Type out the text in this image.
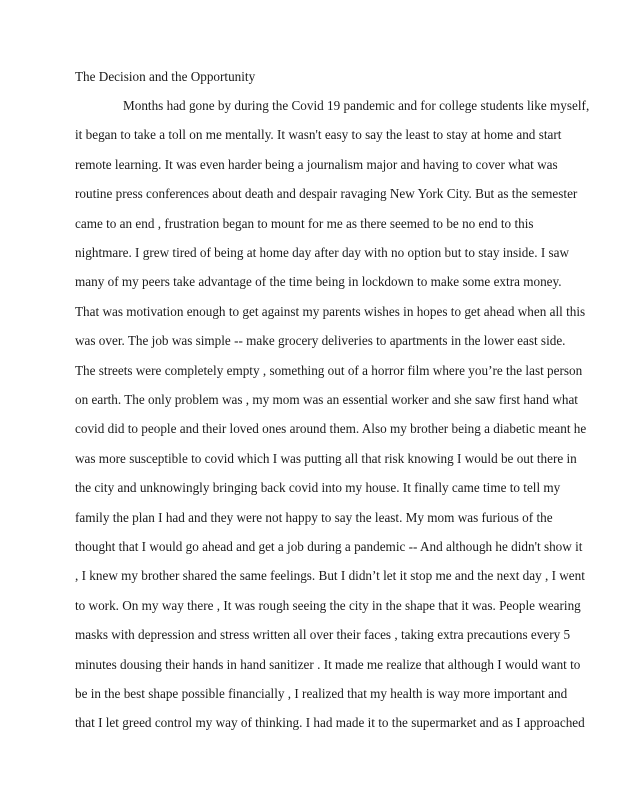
The Decision and the Opportunity

Months had gone by during the Covid 19 pandemic and for college students like myself,
it began to take a toll on me mentally. It wasn't easy to say the least to stay at home and start
remote learning. It was even harder being a journalism major and having to cover what was
routine press conferences about death and despair ravaging New York City. But as the semester
came to an end , frustration began to mount for me as there seemed to be no end to this
nightmare. I grew tired of being at home day after day with no option but to stay inside. I saw
many of my peers take advantage of the time being in lockdown to make some extra money.
That was motivation enough to get against my parents wishes in hopes to get ahead when all this
was over. The job was simple -- make grocery deliveries to apartments in the lower east side.
The streets were completely empty , something out of a horror film where you’re the last person
on earth. The only problem was , my mom was an essential worker and she saw first hand what
covid did to people and their loved ones around them. Also my brother being a diabetic meant he
was more susceptible to covid which I was putting all that risk knowing I would be out there in
the city and unknowingly bringing back covid into my house. It finally came time to tell my
family the plan I had and they were not happy to say the least. My mom was furious of the
thought that I would go ahead and get a job during a pandemic -- And although he didn't show it
, I knew my brother shared the same feelings. But I didn’t let it stop me and the next day , I went
to work. On my way there , It was rough seeing the city in the shape that it was. People wearing
masks with depression and stress written all over their faces , taking extra precautions every 5
minutes dousing their hands in hand sanitizer . It made me realize that although I would want to
be in the best shape possible financially , I realized that my health is way more important and
that I let greed control my way of thinking. I had made it to the supermarket and as I approached
